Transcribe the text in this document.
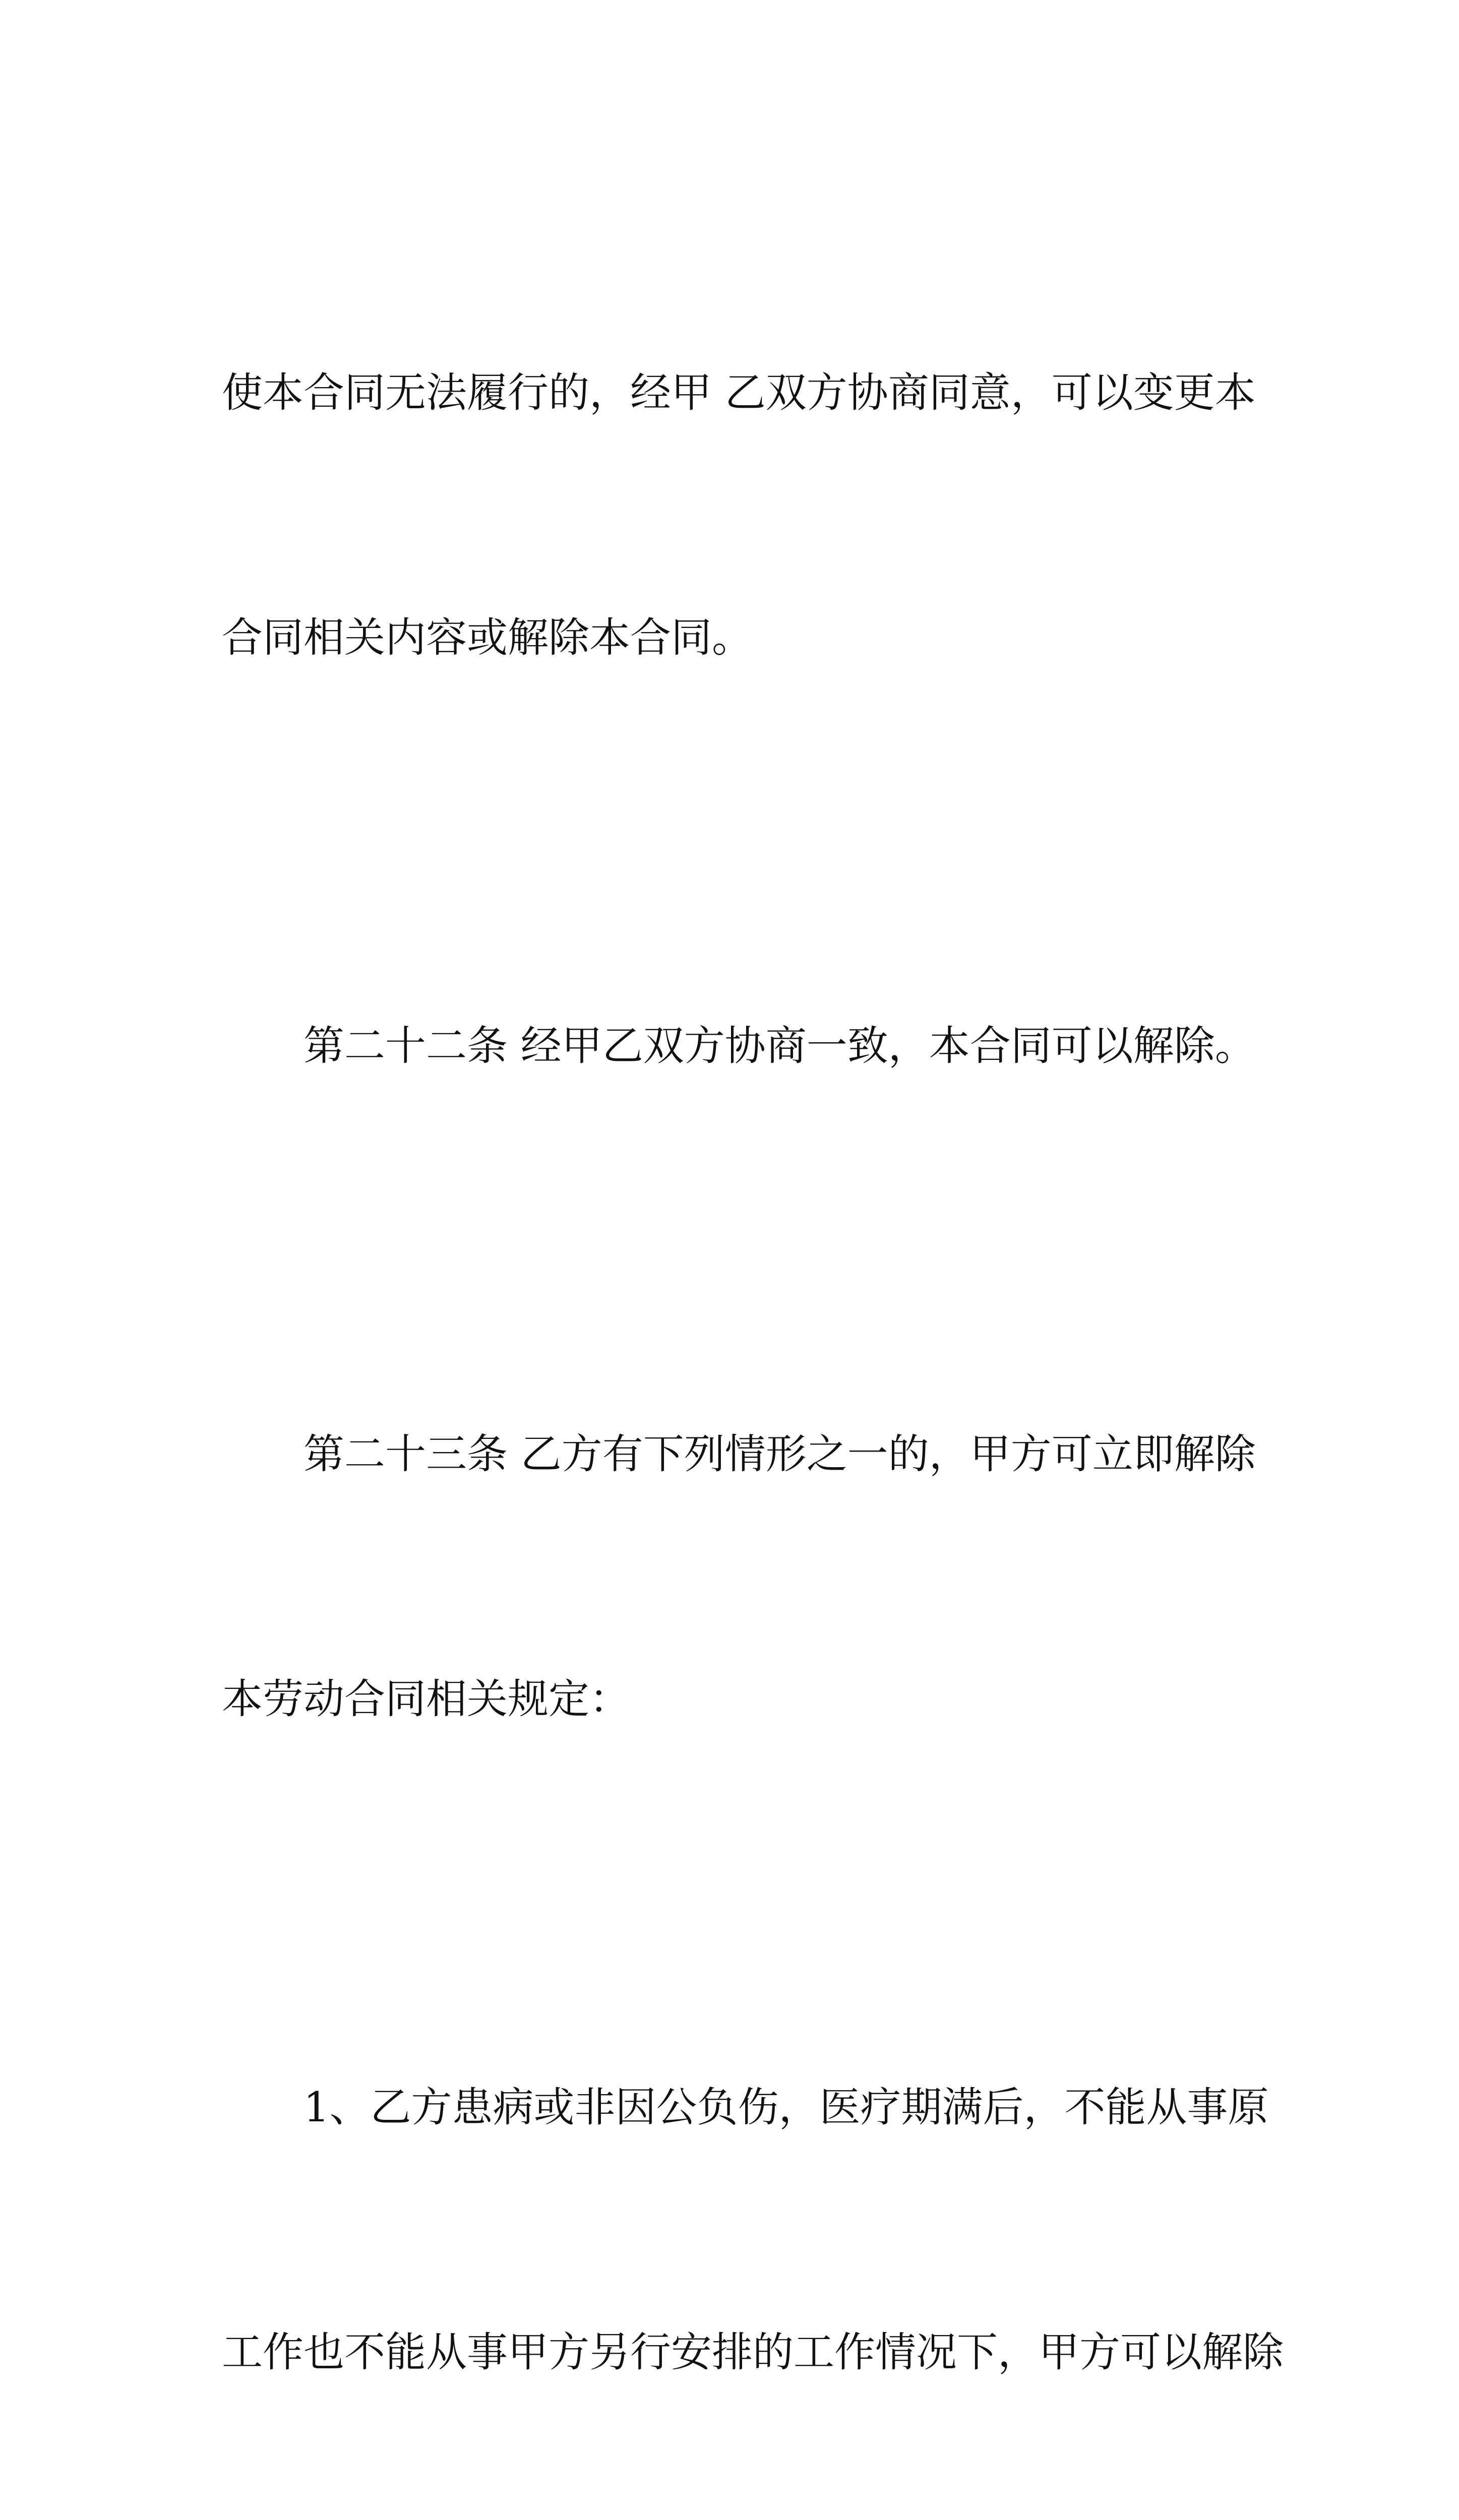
使本合同无法履行的，经甲 乙双方协商同意，可以变更本

合同相关内容或解除本合同。

第二十二条 经甲乙双方协商一致，本合同可以解除。

第二十三条 乙方有下列情形之一的，甲方可立即解除

本劳动合同相关规定：

1、乙方患病或非因公负伤，医疗期满后，不能从事原

工作也不能从事甲方另行安排的工作情况下，甲方可以解除
